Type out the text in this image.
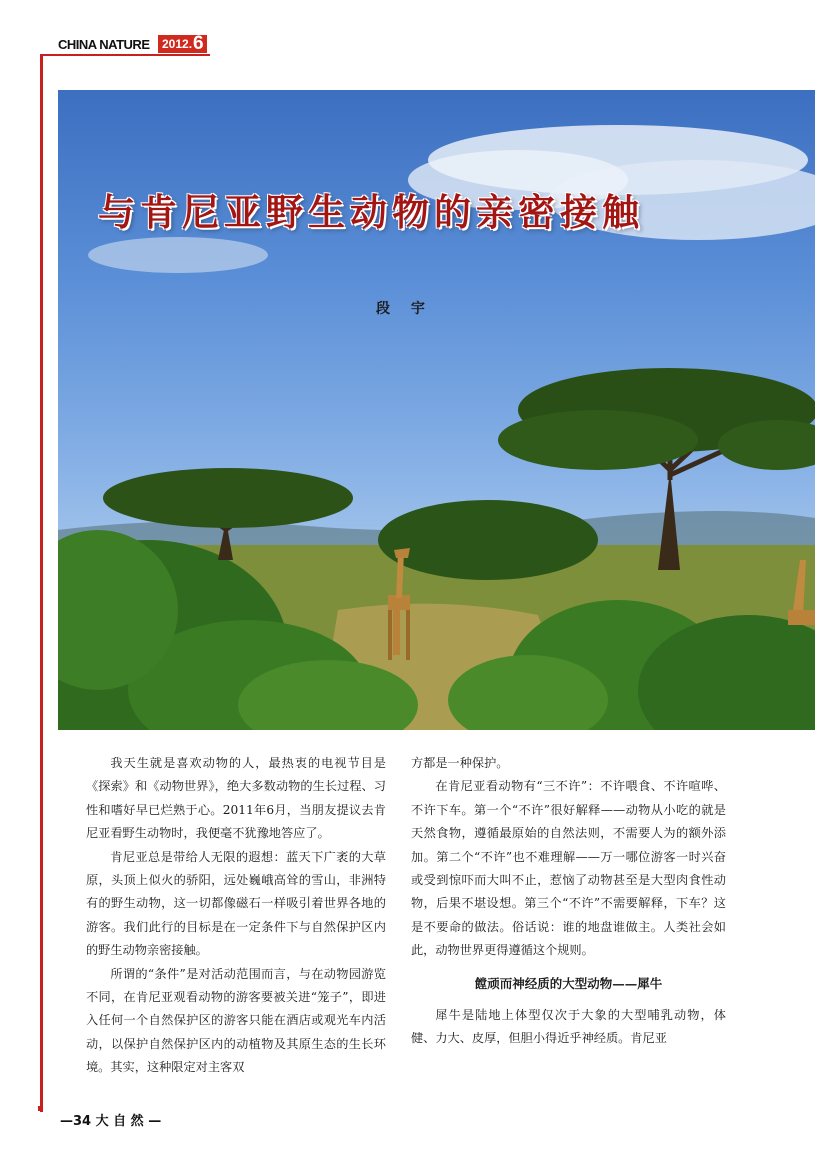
CHINA NATURE 2012. 6
与肯尼亚野生动物的亲密接触
段 宇

我天生就是喜欢动物的人，最热衷的电视节目是《探索》和《动物世界》，绝大多数动物的生长过程、习性和嗜好早已烂熟于心。2011年6月，当朋友提议去肯尼亚看野生动物时，我便毫不犹豫地答应了。

肯尼亚总是带给人无限的遐想：蓝天下广袤的大草原，头顶上似火的骄阳，远处巍峨高耸的雪山，非洲特有的野生动物，这一切都像磁石一样吸引着世界各地的游客。我们此行的目标是在一定条件下与自然保护区内的野生动物亲密接触。

所谓的“条件”是对活动范围而言，与在动物园游览不同，在肯尼亚观看动物的游客要被关进“笼子”，即进入任何一个自然保护区的游客只能在酒店或观光车内活动，以保护自然保护区内的动植物及其原生态的生长环境。其实，这种限定对主客双

方都是一种保护。

在肯尼亚看动物有“三不许”：不许喂食、不许喧哗、不许下车。第一个“不许”很好解释——动物从小吃的就是天然食物，遵循最原始的自然法则，不需要人为的额外添加。第二个“不许”也不难理解——万一哪位游客一时兴奋或受到惊吓而大叫不止，惹恼了动物甚至是大型肉食性动物，后果不堪设想。第三个“不许”不需要解释，下车？这是不要命的做法。俗话说：谁的地盘谁做主。人类社会如此，动物世界更得遵循这个规则。

饄顽而神经质的大型动物——犀牛

犀牛是陆地上体型仅次于大象的大型哺乳动物，体健、力大、皮厚，但胆小得近乎神经质。肯尼亚

—34 大 自 然 —
